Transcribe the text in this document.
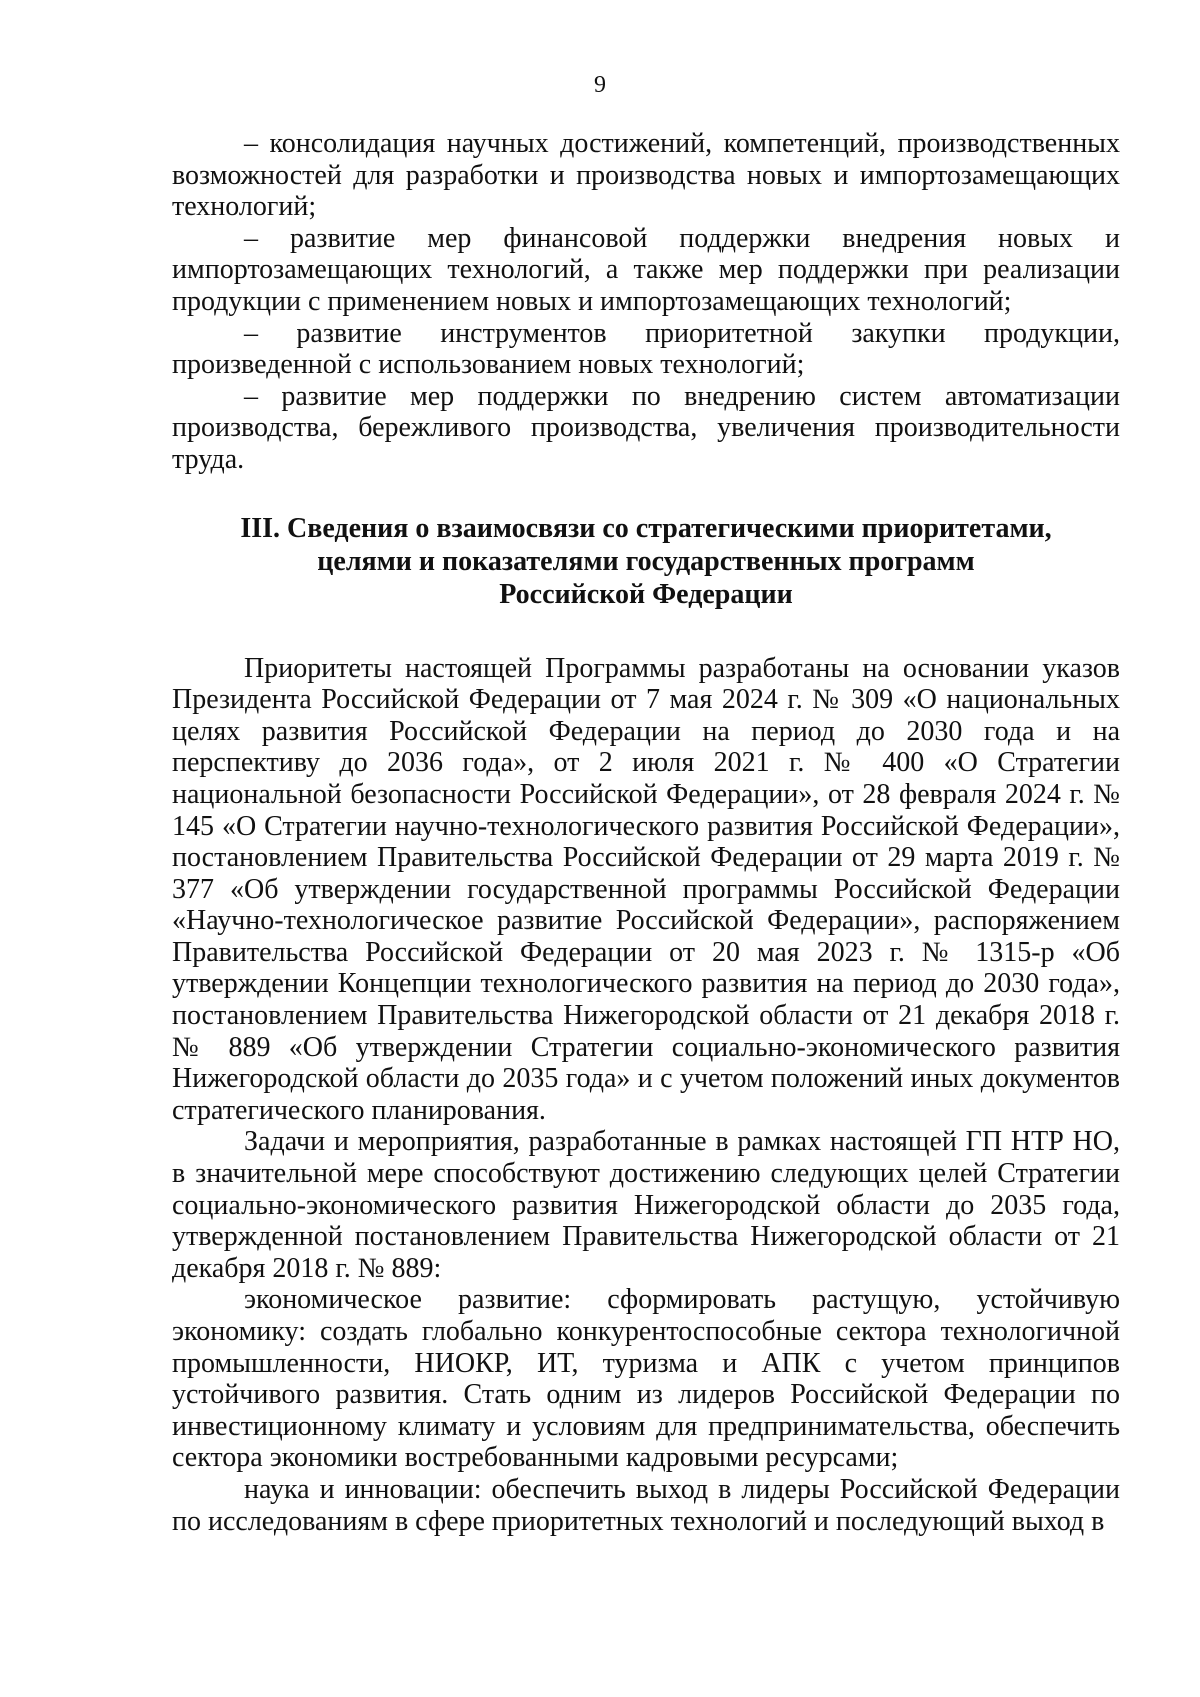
9

– консолидация научных достижений, компетенций, производственных возможностей для разработки и производства новых и импортозамещающих технологий;

– развитие мер финансовой поддержки внедрения новых и импортозамещающих технологий, а также мер поддержки при реализации продукции с применением новых и импортозамещающих технологий;

– развитие инструментов приоритетной закупки продукции, произведенной с использованием новых технологий;

– развитие мер поддержки по внедрению систем автоматизации производства, бережливого производства, увеличения производительности труда.

III. Сведения о взаимосвязи со стратегическими приоритетами,
целями и показателями государственных программ
Российской Федерации

Приоритеты настоящей Программы разработаны на основании указов Президента Российской Федерации от 7 мая 2024 г. № 309 «О национальных целях развития Российской Федерации на период до 2030 года и на перспективу до 2036 года», от 2 июля 2021 г. № 400 «О Стратегии национальной безопасности Российской Федерации», от 28 февраля 2024 г. № 145 «О Стратегии научно-технологического развития Российской Федерации», постановлением Правительства Российской Федерации от 29 марта 2019 г. № 377 «Об утверждении государственной программы Российской Федерации «Научно-технологическое развитие Российской Федерации», распоряжением Правительства Российской Федерации от 20 мая 2023 г. № 1315-р «Об утверждении Концепции технологического развития на период до 2030 года», постановлением Правительства Нижегородской области от 21 декабря 2018 г. № 889 «Об утверждении Стратегии социально-экономического развития Нижегородской области до 2035 года» и с учетом положений иных документов стратегического планирования.

Задачи и мероприятия, разработанные в рамках настоящей ГП НТР НО, в значительной мере способствуют достижению следующих целей Стратегии социально-экономического развития Нижегородской области до 2035 года, утвержденной постановлением Правительства Нижегородской области от 21 декабря 2018 г. № 889:

экономическое развитие: сформировать растущую, устойчивую экономику: создать глобально конкурентоспособные сектора технологичной промышленности, НИОКР, ИТ, туризма и АПК с учетом принципов устойчивого развития. Стать одним из лидеров Российской Федерации по инвестиционному климату и условиям для предпринимательства, обеспечить сектора экономики востребованными кадровыми ресурсами;

наука и инновации: обеспечить выход в лидеры Российской Федерации по исследованиям в сфере приоритетных технологий и последующий выход в
